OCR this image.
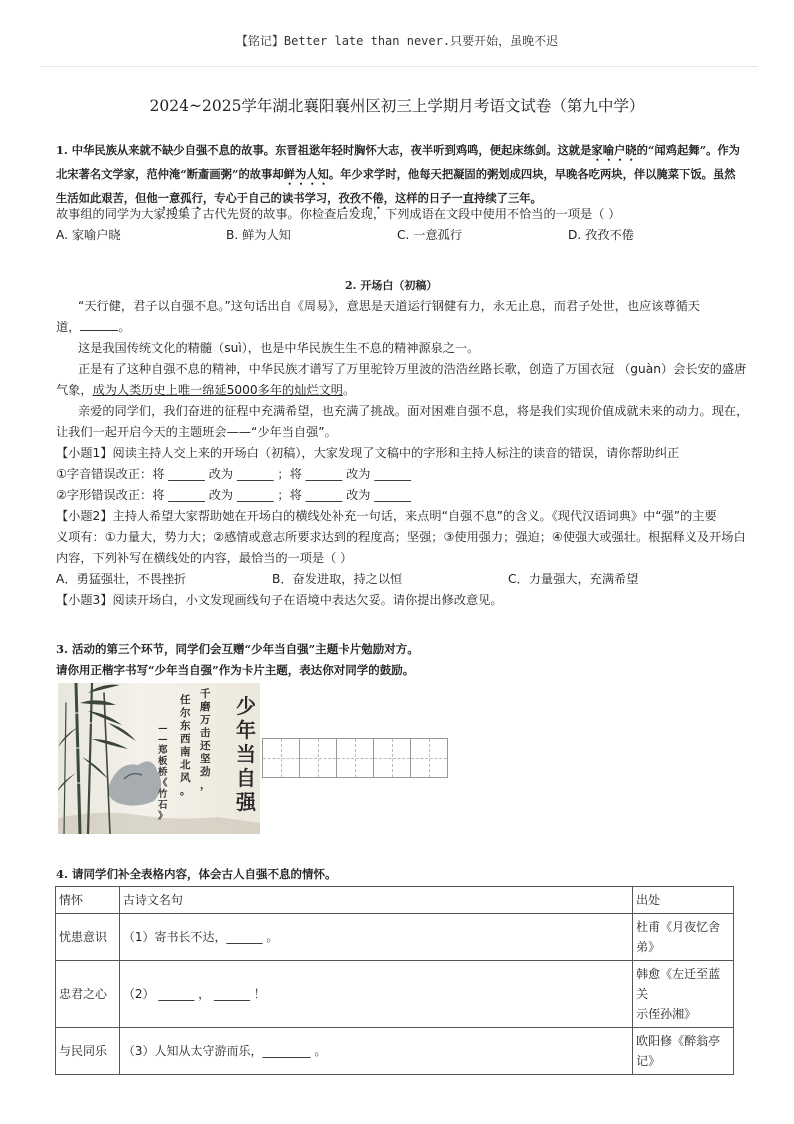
【铭记】Better late than never.只要开始，虽晚不迟
2024~2025学年湖北襄阳襄州区初三上学期月考语文试卷（第九中学）
1. 中华民族从来就不缺少自强不息的故事。东晋祖逖年轻时胸怀大志，夜半听到鸡鸣，便起床练剑。这就是家喻户晓的“闻鸡起舞”。作为北宋著名文学家，范仲淹“断齑画粥”的故事却鲜为人知。年少求学时，他每天把凝固的粥划成四块，早晚各吃两块，伴以腌菜下饭。虽然生活如此艰苦，但他一意孤行，专心于自己的读书学习，孜孜不倦，这样的日子一直持续了三年。
故事组的同学为大家搜集了古代先贤的故事。你检查后发现，下列成语在文段中使用不恰当的一项是（ ）
A. 家喻户晓	B. 鲜为人知	C. 一意孤行	D. 孜孜不倦
2. 开场白（初稿）
“天行健，君子以自强不息。”这句话出自《周易》，意思是天道运行钢健有力，永无止息，而君子处世，也应该尊循天
道，	。
这是我国传统文化的精髓（suì），也是中华民族生生不息的精神源泉之一。
正是有了这种自强不息的精神，中华民族才谱写了万里驼铃万里波的浩浩丝路长歌，创造了万国衣冠 （guàn）会长安的盛唐
气象，成为人类历史上唯一绵延5000多年的灿烂文明。
亲爱的同学们，我们奋进的征程中充满希望，也充满了挑战。面对困难自强不息，将是我们实现价值成就未来的动力。现在，
让我们一起开启今天的主题班会——“少年当自强”。
【小题1】阅读主持人交上来的开场白（初稿），大家发现了文稿中的字形和主持人标注的读音的错误，请你帮助纠正
①字音错误改正：将 ______ 改为 ______ ；将 ______ 改为 ______
②字形错误改正：将 ______ 改为 ______ ；将 ______ 改为 ______
【小题2】主持人希望大家帮助她在开场白的横线处补充一句话，来点明“自强不息”的含义。《现代汉语词典》中“强”的主要
义项有：①力量大，势力大；②感情或意志所要求达到的程度高；坚强；③使用强力；强迫；④使强大或强壮。根据释义及开场白
内容，下列补写在横线处的内容，最恰当的一项是（ ）
A．勇猛强壮，不畏挫折	B．奋发进取，持之以恒	C．力量强大，充满希望
【小题3】阅读开场白，小文发现画线句子在语境中表达欠妥。请你提出修改意见。
3. 活动的第三个环节，同学们会互赠“少年当自强”主题卡片勉励对方。
请你用正楷字书写“少年当自强”作为卡片主题，表达你对同学的鼓励。
千磨万击还坚劲，
任尔东西南北风。
— —郑板桥《竹石》
少年当自强
4. 请同学们补全表格内容，体会古人自强不息的情怀。
情怀	古诗文名句	出处
忧患意识	（1）寄书长不达，______ 。	杜甫《月夜忆舍
弟》
忠君之心	（2） ______ ， ______ ！	韩愈《左迁至蓝关
示侄孙湘》
与民同乐	（3）人知从太守游而乐，________ 。	欧阳修《醉翁亭
记》
